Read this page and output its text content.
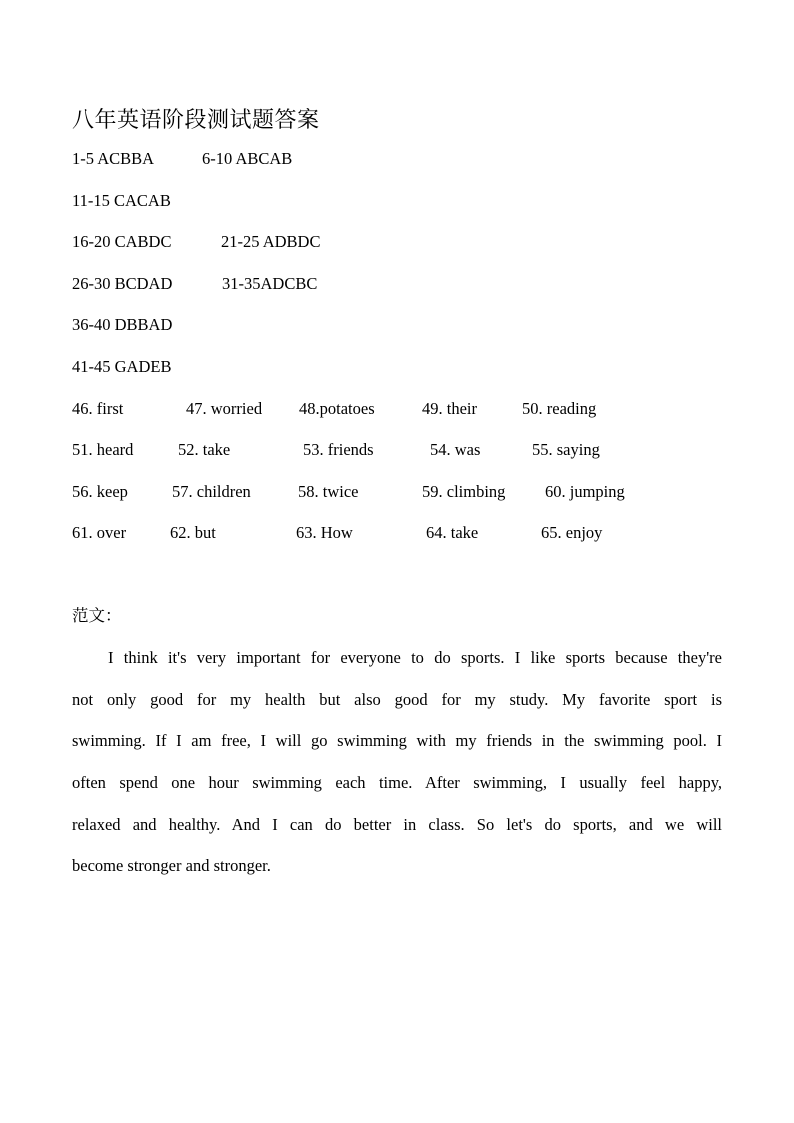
八年英语阶段测试题答案
1-5 ACBBA	6-10 ABCAB
11-15 CACAB
16-20 CABDC	21-25 ADBDC
26-30 BCDAD	31-35ADCBC
36-40 DBBAD
41-45 GADEB
46. first	47. worried 48.potatoes	49. their	50. reading
51. heard	52. take	53. friends	54. was	55. saying
56. keep	57. children	58. twice	59. climbing 60. jumping
61. over	62. but	63. How	64. take	65. enjoy
范文：
I think it's very important for everyone to do sports. I like sports because they're
not only good for my health but also good for my study. My favorite sport is
swimming. If I am free, I will go swimming with my friends in the swimming pool. I
often spend one hour swimming each time. After swimming, I usually feel happy,
relaxed and healthy. And I can do better in class. So let's do sports, and we will
become stronger and stronger.
